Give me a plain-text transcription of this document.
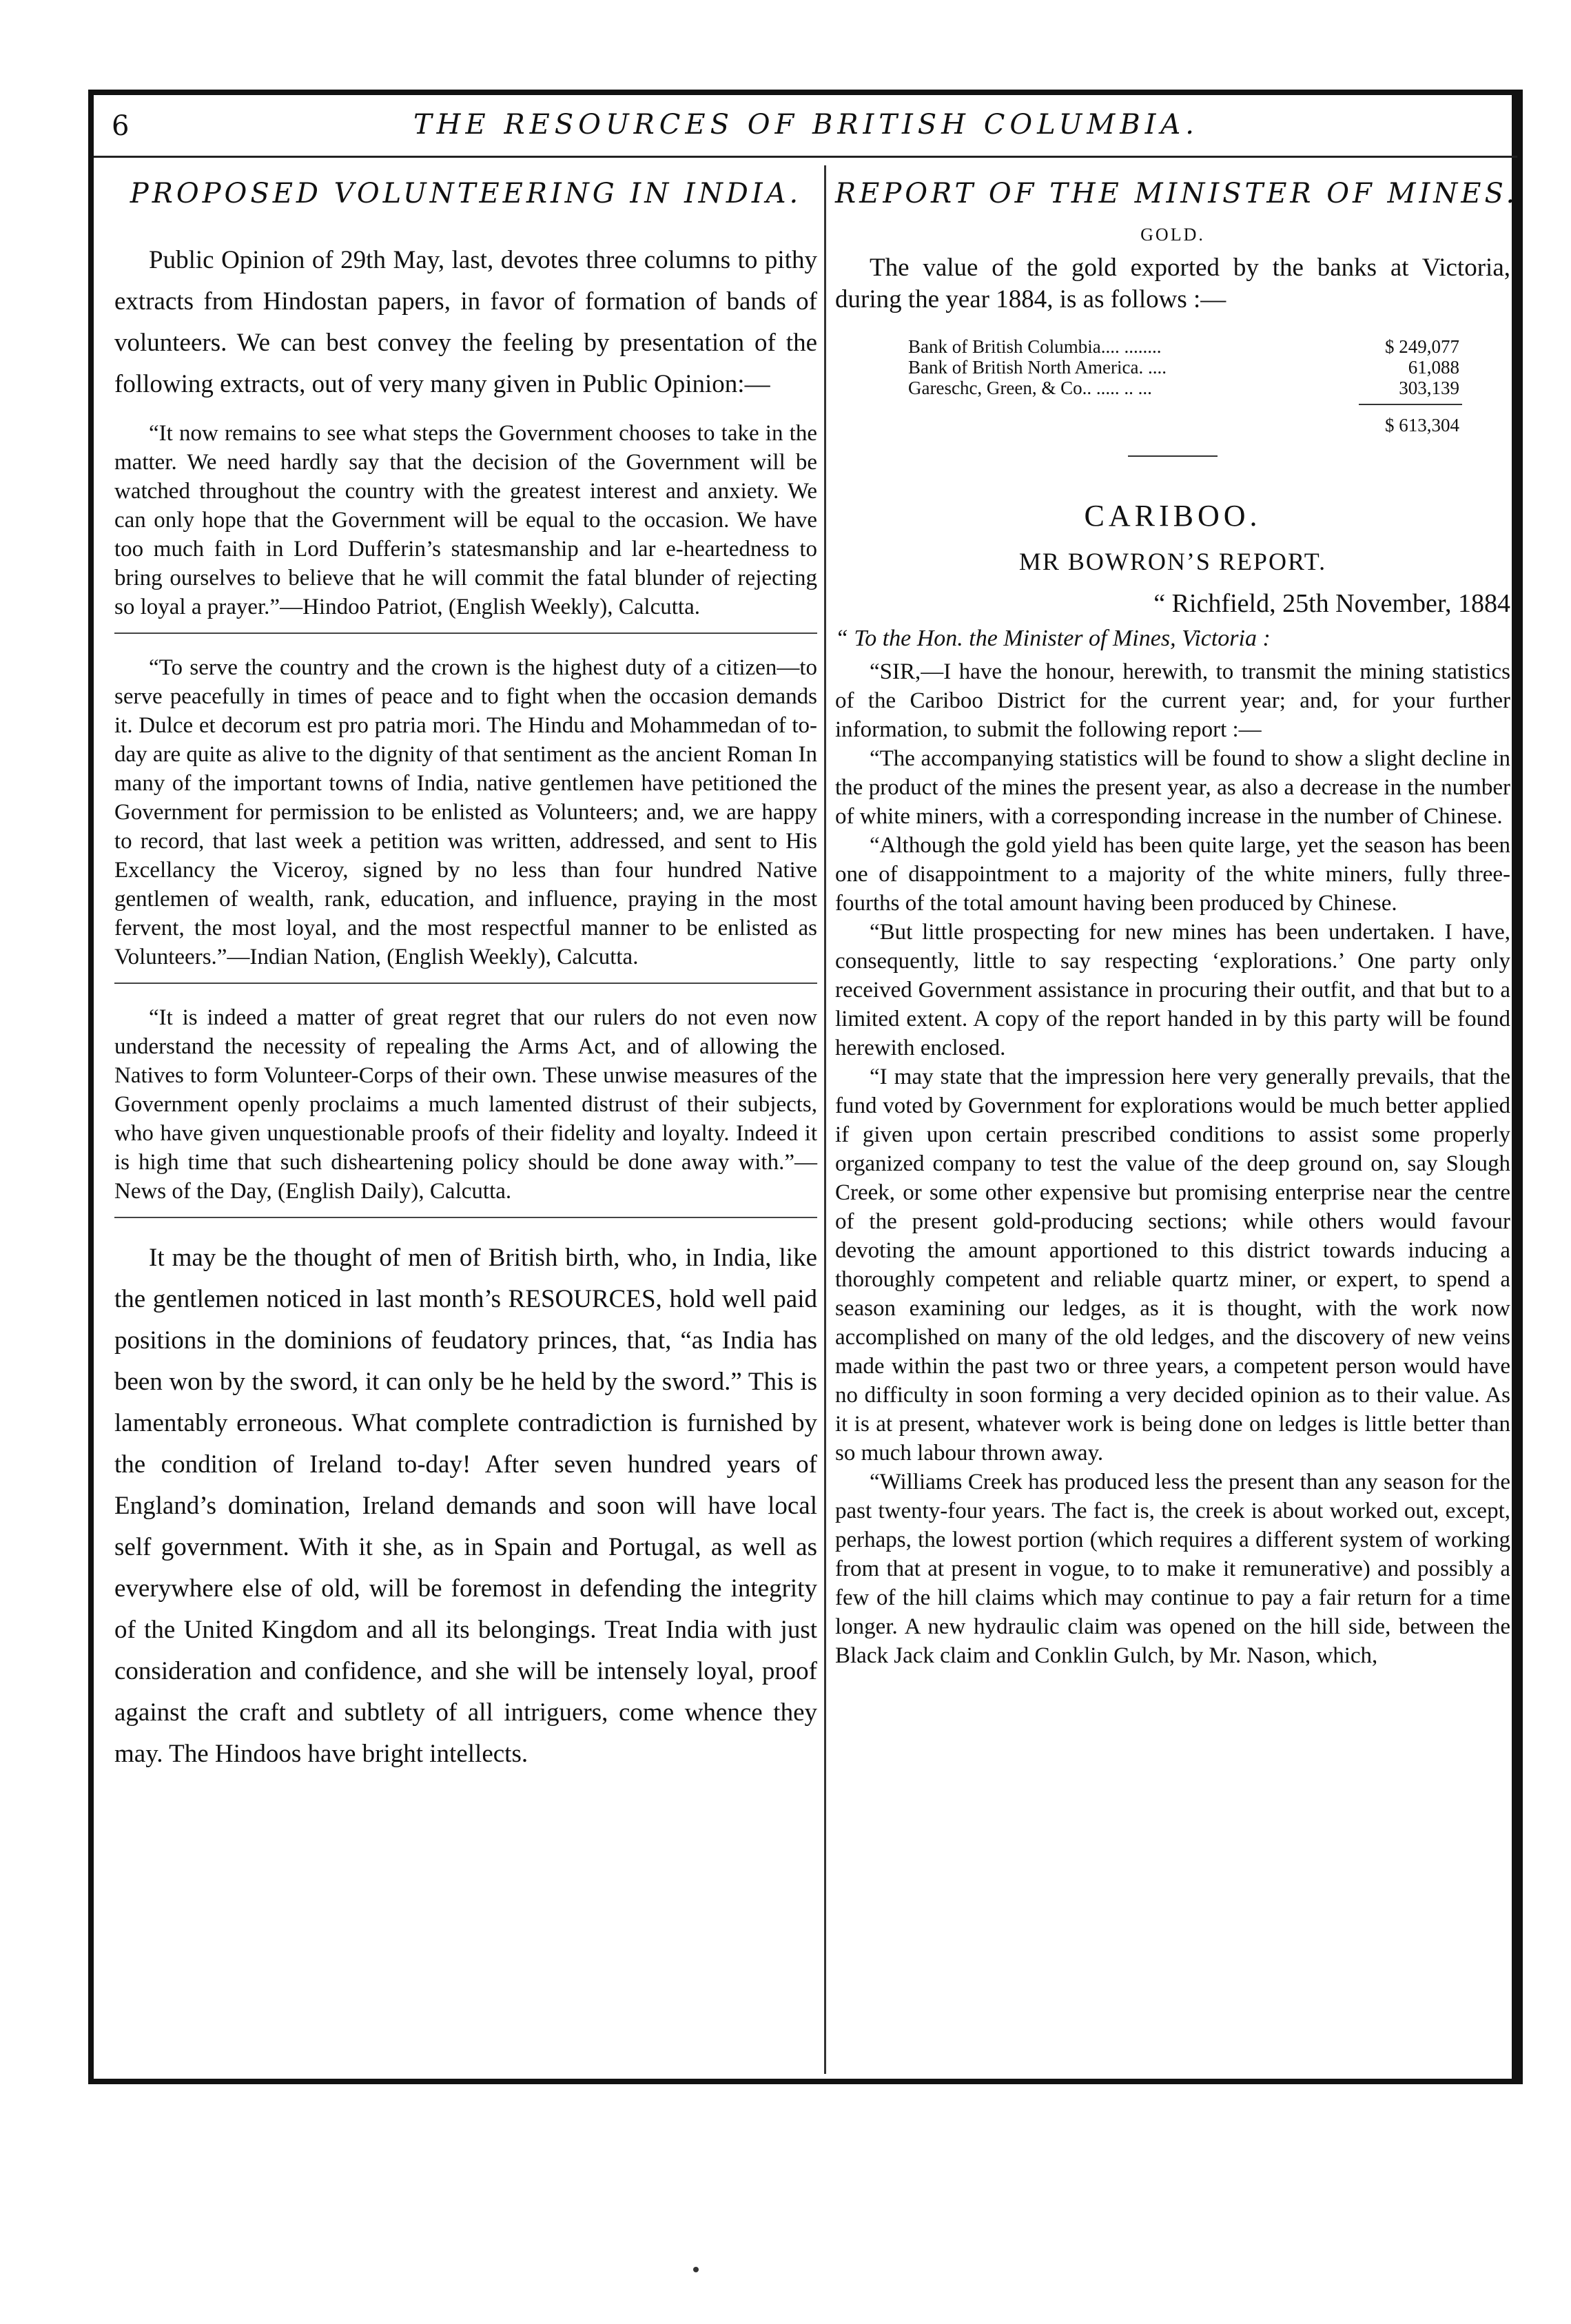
6	THE RESOURCES OF BRITISH COLUMBIA.
PROPOSED VOLUNTEERING IN INDIA.

Public Opinion of 29th May, last, devotes three columns to pithy extracts from Hindostan papers, in favor of formation of bands of volunteers. We can best convey the feeling by presentation of the following extracts, out of very many given in Public Opinion:—

“It now remains to see what steps the Government chooses to take in the matter. We need hardly say that the decision of the Government will be watched throughout the country with the greatest interest and anxiety. We can only hope that the Government will be equal to the occasion. We have too much faith in Lord Dufferin’s statesmanship and lar e-heartedness to bring ourselves to believe that he will commit the fatal blunder of rejecting so loyal a prayer.”—Hindoo Patriot, (English Weekly), Calcutta.

“To serve the country and the crown is the highest duty of a citizen—to serve peacefully in times of peace and to fight when the occasion demands it. Dulce et decorum est pro patria mori. The Hindu and Mohammedan of to-day are quite as alive to the dignity of that sentiment as the ancient Roman In many of the important towns of India, native gentlemen have petitioned the Government for permission to be enlisted as Volunteers; and, we are happy to record, that last week a petition was written, addressed, and sent to His Excellancy the Viceroy, signed by no less than four hundred Native gentlemen of wealth, rank, education, and influence, praying in the most fervent, the most loyal, and the most respectful manner to be enlisted as Volunteers.”—Indian Nation, (English Weekly), Calcutta.

“It is indeed a matter of great regret that our rulers do not even now understand the necessity of repealing the Arms Act, and of allowing the Natives to form Volunteer-Corps of their own. These unwise measures of the Government openly proclaims a much lamented distrust of their subjects, who have given unquestionable proofs of their fidelity and loyalty. Indeed it is high time that such disheartening policy should be done away with.”—News of the Day, (English Daily), Calcutta.

It may be the thought of men of British birth, who, in India, like the gentlemen noticed in last month’s RESOURCES, hold well paid positions in the dominions of feudatory princes, that, “as India has been won by the sword, it can only be he held by the sword.” This is lamentably erroneous. What complete contradiction is furnished by the condition of Ireland to-day! After seven hundred years of England’s domination, Ireland demands and soon will have local self government. With it she, as in Spain and Portugal, as well as everywhere else of old, will be foremost in defending the integrity of the United Kingdom and all its belongings. Treat India with just consideration and confidence, and she will be intensely loyal, proof against the craft and subtlety of all intriguers, come whence they may. The Hindoos have bright intellects.

REPORT OF THE MINISTER OF MINES.
GOLD.

The value of the gold exported by the banks at Victoria, during the year 1884, is as follows :—

Bank of British Columbia.... ........	$ 249,077
Bank of British North America. ....	61,088
Gareschc, Green, & Co.. ..... .. ...	303,139
$ 613,304
CARIBOO.
MR BOWRON’S REPORT.
“ Richfield, 25th November, 1884
“ To the Hon. the Minister of Mines, Victoria :

“SIR,—I have the honour, herewith, to transmit the mining statistics of the Cariboo District for the current year; and, for your further information, to submit the following report :—

“The accompanying statistics will be found to show a slight decline in the product of the mines the present year, as also a decrease in the number of white miners, with a corresponding increase in the number of Chinese.

“Although the gold yield has been quite large, yet the season has been one of disappointment to a majority of the white miners, fully three-fourths of the total amount having been produced by Chinese.

“But little prospecting for new mines has been undertaken. I have, consequently, little to say respecting ‘explorations.’ One party only received Government assistance in procuring their outfit, and that but to a limited extent. A copy of the report handed in by this party will be found herewith enclosed.

“I may state that the impression here very generally prevails, that the fund voted by Government for explorations would be much better applied if given upon certain prescribed conditions to assist some properly organized company to test the value of the deep ground on, say Slough Creek, or some other expensive but promising enterprise near the centre of the present gold-producing sections; while others would favour devoting the amount apportioned to this district towards inducing a thoroughly competent and reliable quartz miner, or expert, to spend a season examining our ledges, as it is thought, with the work now accomplished on many of the old ledges, and the discovery of new veins made within the past two or three years, a competent person would have no difficulty in soon forming a very decided opinion as to their value. As it is at present, whatever work is being done on ledges is little better than so much labour thrown away.

“Williams Creek has produced less the present than any season for the past twenty-four years. The fact is, the creek is about worked out, except, perhaps, the lowest portion (which requires a different system of working from that at present in vogue, to to make it remunerative) and possibly a few of the hill claims which may continue to pay a fair return for a time longer. A new hydraulic claim was opened on the hill side, between the Black Jack claim and Conklin Gulch, by Mr. Nason, which,
